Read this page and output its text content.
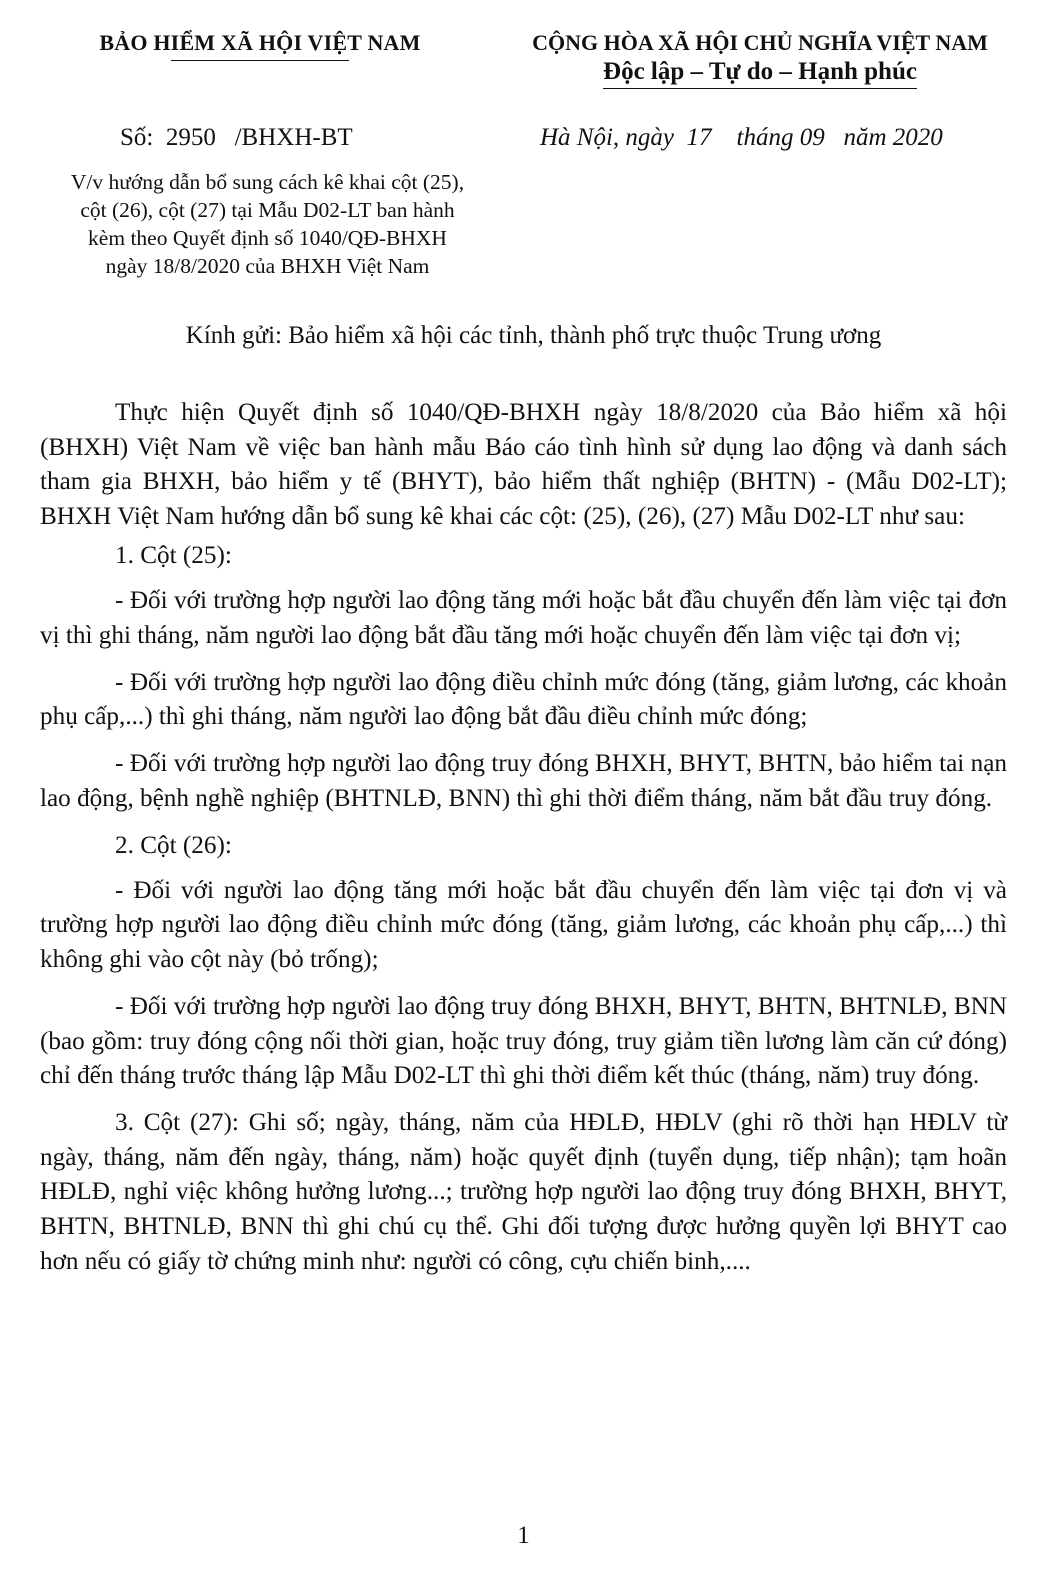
BẢO HIỂM XÃ HỘI VIỆT NAM	CỘNG HÒA XÃ HỘI CHỦ NGHĨA VIỆT NAM
Độc lập – Tự do – Hạnh phúc
Số: 2950 /BHXH-BT	Hà Nội, ngày 17 tháng 09 năm 2020
V/v hướng dẫn bổ sung cách kê khai cột (25),
cột (26), cột (27) tại Mẫu D02-LT ban hành
kèm theo Quyết định số 1040/QĐ-BHXH
ngày 18/8/2020 của BHXH Việt Nam
Kính gửi: Bảo hiểm xã hội các tỉnh, thành phố trực thuộc Trung ương

Thực hiện Quyết định số 1040/QĐ-BHXH ngày 18/8/2020 của Bảo hiểm xã hội (BHXH) Việt Nam về việc ban hành mẫu Báo cáo tình hình sử dụng lao động và danh sách tham gia BHXH, bảo hiểm y tế (BHYT), bảo hiểm thất nghiệp (BHTN) - (Mẫu D02-LT); BHXH Việt Nam hướng dẫn bổ sung kê khai các cột: (25), (26), (27) Mẫu D02-LT như sau:

1. Cột (25):

- Đối với trường hợp người lao động tăng mới hoặc bắt đầu chuyển đến làm việc tại đơn vị thì ghi tháng, năm người lao động bắt đầu tăng mới hoặc chuyển đến làm việc tại đơn vị;

- Đối với trường hợp người lao động điều chỉnh mức đóng (tăng, giảm lương, các khoản phụ cấp,...) thì ghi tháng, năm người lao động bắt đầu điều chỉnh mức đóng;

- Đối với trường hợp người lao động truy đóng BHXH, BHYT, BHTN, bảo hiểm tai nạn lao động, bệnh nghề nghiệp (BHTNLĐ, BNN) thì ghi thời điểm tháng, năm bắt đầu truy đóng.

2. Cột (26):

- Đối với người lao động tăng mới hoặc bắt đầu chuyển đến làm việc tại đơn vị và trường hợp người lao động điều chỉnh mức đóng (tăng, giảm lương, các khoản phụ cấp,...) thì không ghi vào cột này (bỏ trống);

- Đối với trường hợp người lao động truy đóng BHXH, BHYT, BHTN, BHTNLĐ, BNN (bao gồm: truy đóng cộng nối thời gian, hoặc truy đóng, truy giảm tiền lương làm căn cứ đóng) chỉ đến tháng trước tháng lập Mẫu D02-LT thì ghi thời điểm kết thúc (tháng, năm) truy đóng.

3. Cột (27): Ghi số; ngày, tháng, năm của HĐLĐ, HĐLV (ghi rõ thời hạn HĐLV từ ngày, tháng, năm đến ngày, tháng, năm) hoặc quyết định (tuyển dụng, tiếp nhận); tạm hoãn HĐLĐ, nghỉ việc không hưởng lương...; trường hợp người lao động truy đóng BHXH, BHYT, BHTN, BHTNLĐ, BNN thì ghi chú cụ thể. Ghi đối tượng được hưởng quyền lợi BHYT cao hơn nếu có giấy tờ chứng minh như: người có công, cựu chiến binh,....

1
